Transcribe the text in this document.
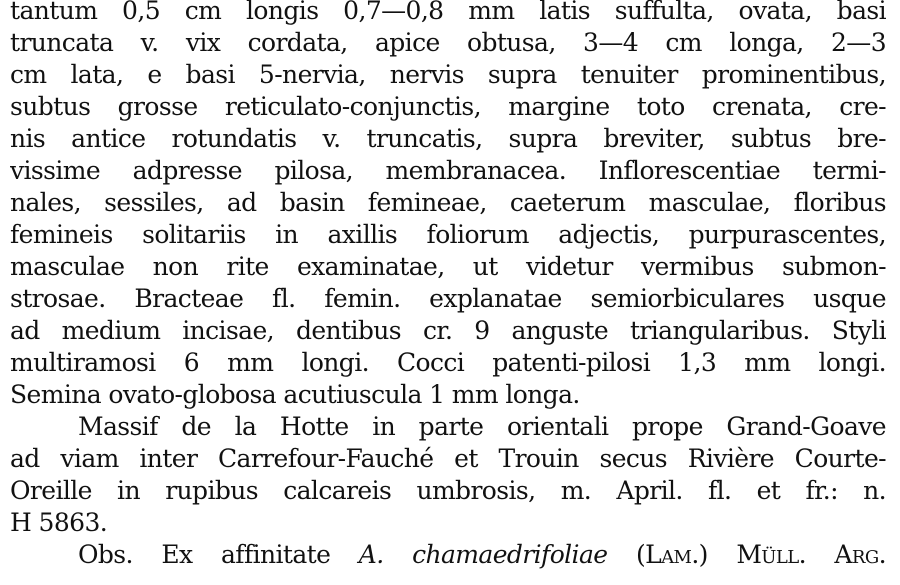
tantum 0,5 cm longis 0,7—0,8 mm latis suffulta, ovata, basi
truncata v. vix cordata, apice obtusa, 3—4 cm longa, 2—3
cm lata, e basi 5-nervia, nervis supra tenuiter prominentibus,
subtus grosse reticulato-conjunctis, margine toto crenata, cre-
nis antice rotundatis v. truncatis, supra breviter, subtus bre-
vissime adpresse pilosa, membranacea. Inflorescentiae termi-
nales, sessiles, ad basin femineae, caeterum masculae, floribus
femineis solitariis in axillis foliorum adjectis, purpurascentes,
masculae non rite examinatae, ut videtur vermibus submon-
strosae. Bracteae fl. femin. explanatae semiorbiculares usque
ad medium incisae, dentibus cr. 9 anguste triangularibus. Styli
multiramosi 6 mm longi. Cocci patenti-pilosi 1,3 mm longi.
Semina ovato-globosa acutiuscula 1 mm longa.
Massif de la Hotte in parte orientali prope Grand-Goave
ad viam inter Carrefour-Fauché et Trouin secus Rivière Courte-
Oreille in rupibus calcareis umbrosis, m. April. fl. et fr.: n.
H 5863.
Obs. Ex affinitate A. chamaedrifoliae (Lam.) Müll. Arg.
